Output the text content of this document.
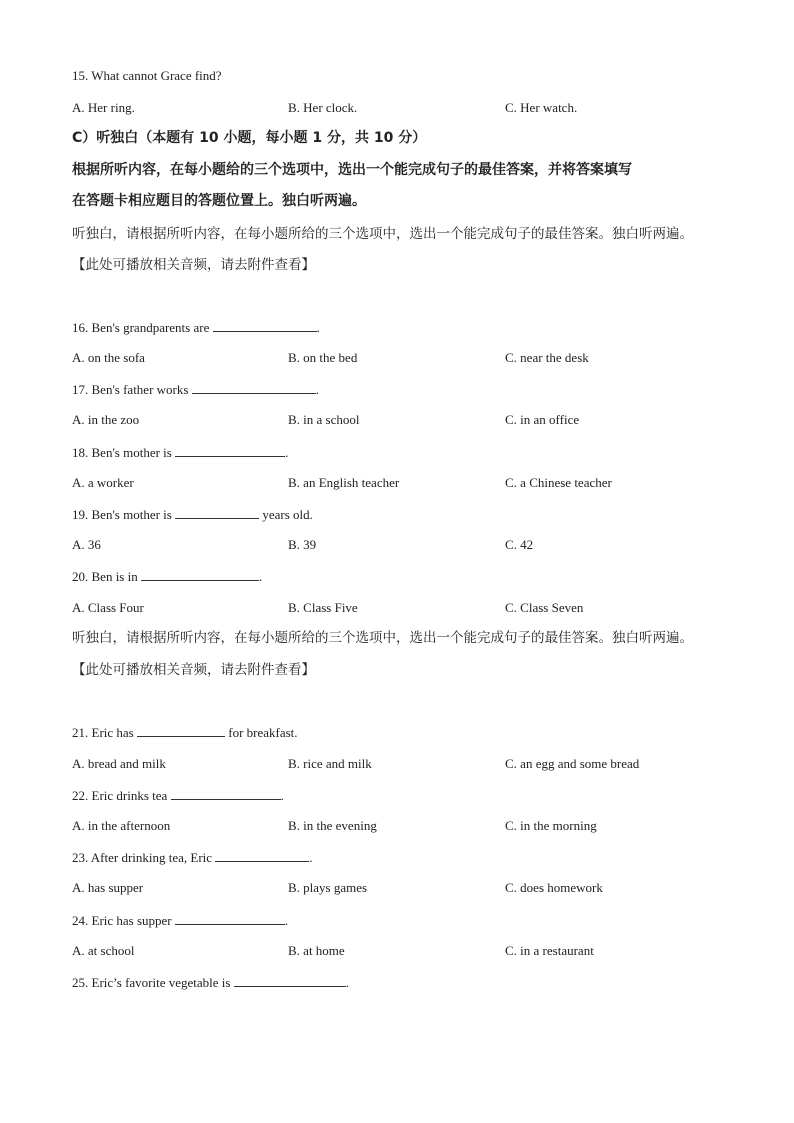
15. What cannot Grace find?
A. Her ring.	B. Her clock.	C. Her watch.
C）听独白（本题有 10 小题，每小题 1 分，共 10 分）
根据所听内容，在每小题给的三个选项中，选出一个能完成句子的最佳答案，并将答案填写
在答题卡相应题目的答题位置上。独白听两遍。
听独白，请根据所听内容，在每小题所给的三个选项中，选出一个能完成句子的最佳答案。独白听两遍。
【此处可播放相关音频，请去附件查看】
16. Ben's grandparents are	.
A. on the sofa	B. on the bed	C. near the desk
17. Ben's father works	.
A. in the zoo	B. in a school	C. in an office
18. Ben's mother is	.
A. a worker	B. an English teacher	C. a Chinese teacher
19. Ben's mother is	years old.
A. 36	B. 39	C. 42
20. Ben is in	.
A. Class Four	B. Class Five	C. Class Seven
听独白，请根据所听内容，在每小题所给的三个选项中，选出一个能完成句子的最佳答案。独白听两遍。
【此处可播放相关音频，请去附件查看】
21. Eric has	for breakfast.
A. bread and milk	B. rice and milk	C. an egg and some bread
22. Eric drinks tea	.
A. in the afternoon	B. in the evening	C. in the morning
23. After drinking tea, Eric	.
A. has supper	B. plays games	C. does homework
24. Eric has supper	.
A. at school	B. at home	C. in a restaurant
25. Eric’s favorite vegetable is	.
